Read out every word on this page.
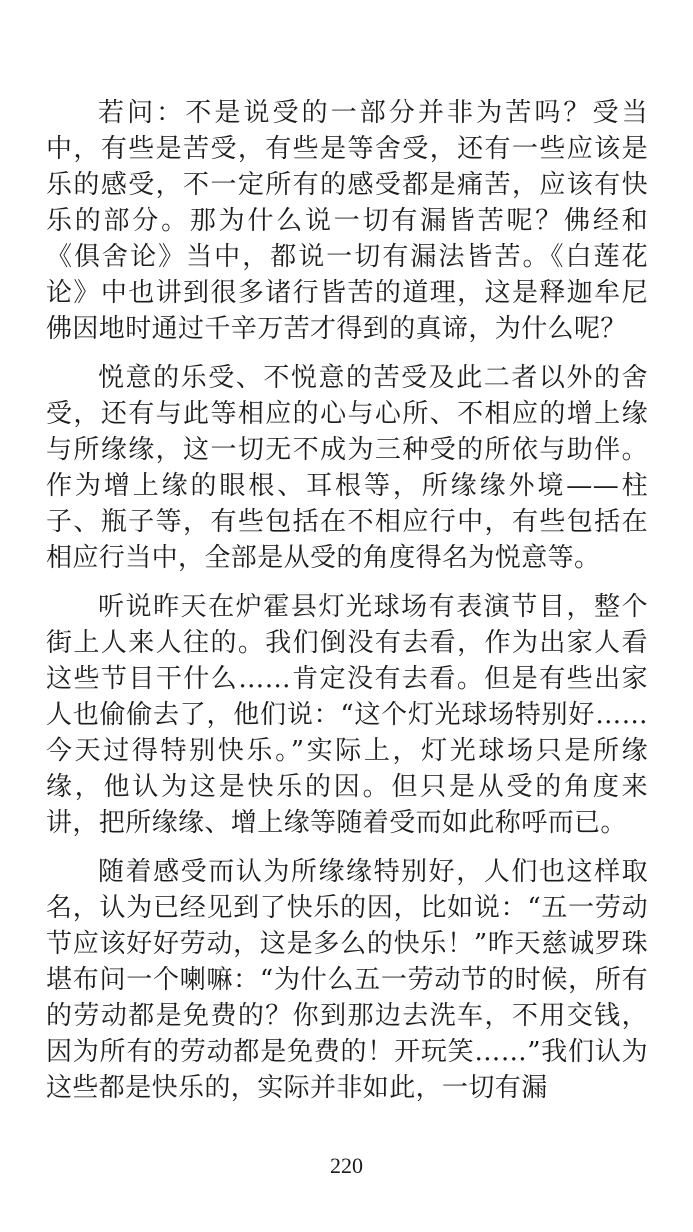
若问：不是说受的一部分并非为苦吗？受当中，有些是苦受，有些是等舍受，还有一些应该是乐的感受，不一定所有的感受都是痛苦，应该有快乐的部分。那为什么说一切有漏皆苦呢？佛经和《俱舍论》当中，都说一切有漏法皆苦。《白莲花论》中也讲到很多诸行皆苦的道理，这是释迦牟尼佛因地时通过千辛万苦才得到的真谛，为什么呢？

悦意的乐受、不悦意的苦受及此二者以外的舍受，还有与此等相应的心与心所、不相应的增上缘与所缘缘，这一切无不成为三种受的所依与助伴。作为增上缘的眼根、耳根等，所缘缘外境——柱子、瓶子等，有些包括在不相应行中，有些包括在相应行当中，全部是从受的角度得名为悦意等。

听说昨天在炉霍县灯光球场有表演节目，整个街上人来人往的。我们倒没有去看，作为出家人看这些节目干什么……肯定没有去看。但是有些出家人也偷偷去了，他们说：“这个灯光球场特别好……今天过得特别快乐。”实际上，灯光球场只是所缘缘，他认为这是快乐的因。但只是从受的角度来讲，把所缘缘、增上缘等随着受而如此称呼而已。

随着感受而认为所缘缘特别好，人们也这样取名，认为已经见到了快乐的因，比如说：“五一劳动节应该好好劳动，这是多么的快乐！”昨天慈诚罗珠堪布问一个喇嘛：“为什么五一劳动节的时候，所有的劳动都是免费的？你到那边去洗车，不用交钱，因为所有的劳动都是免费的！开玩笑……”我们认为这些都是快乐的，实际并非如此，一切有漏

220
